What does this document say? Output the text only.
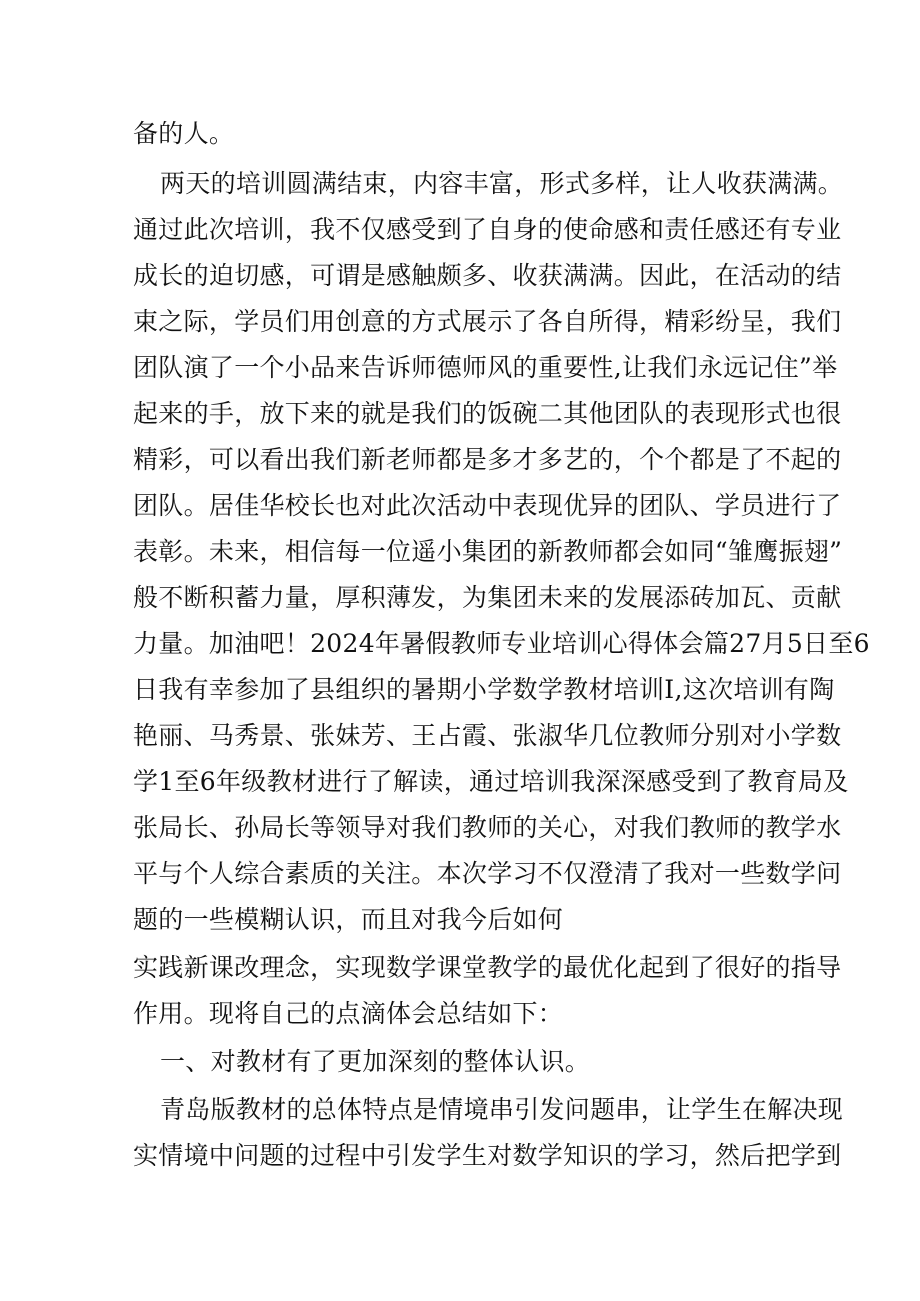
备的人。
两天的培训圆满结束，内容丰富，形式多样，让人收获满满。
通过此次培训，我不仅感受到了自身的使命感和责任感还有专业
成长的迫切感，可谓是感触颇多、收获满满。因此，在活动的结
束之际，学员们用创意的方式展示了各自所得，精彩纷呈，我们
团队演了一个小品来告诉师德师风的重要性,让我们永远记住”举
起来的手，放下来的就是我们的饭碗二其他团队的表现形式也很
精彩，可以看出我们新老师都是多才多艺的，个个都是了不起的
团队。居佳华校长也对此次活动中表现优异的团队、学员进行了
表彰。未来，相信每一位遥小集团的新教师都会如同“雏鹰振翅”
般不断积蓄力量，厚积薄发，为集团未来的发展添砖加瓦、贡献
力量。加油吧！2024年暑假教师专业培训心得体会篇27月5日至6
日我有幸参加了县组织的暑期小学数学教材培训I,这次培训有陶
艳丽、马秀景、张妹芳、王占霞、张淑华几位教师分别对小学数
学1至6年级教材进行了解读，通过培训我深深感受到了教育局及
张局长、孙局长等领导对我们教师的关心，对我们教师的教学水
平与个人综合素质的关注。本次学习不仅澄清了我对一些数学问
题的一些模糊认识，而且对我今后如何
实践新课改理念，实现数学课堂教学的最优化起到了很好的指导
作用。现将自己的点滴体会总结如下：
一、对教材有了更加深刻的整体认识。
青岛版教材的总体特点是情境串引发问题串，让学生在解决现
实情境中问题的过程中引发学生对数学知识的学习，然后把学到
